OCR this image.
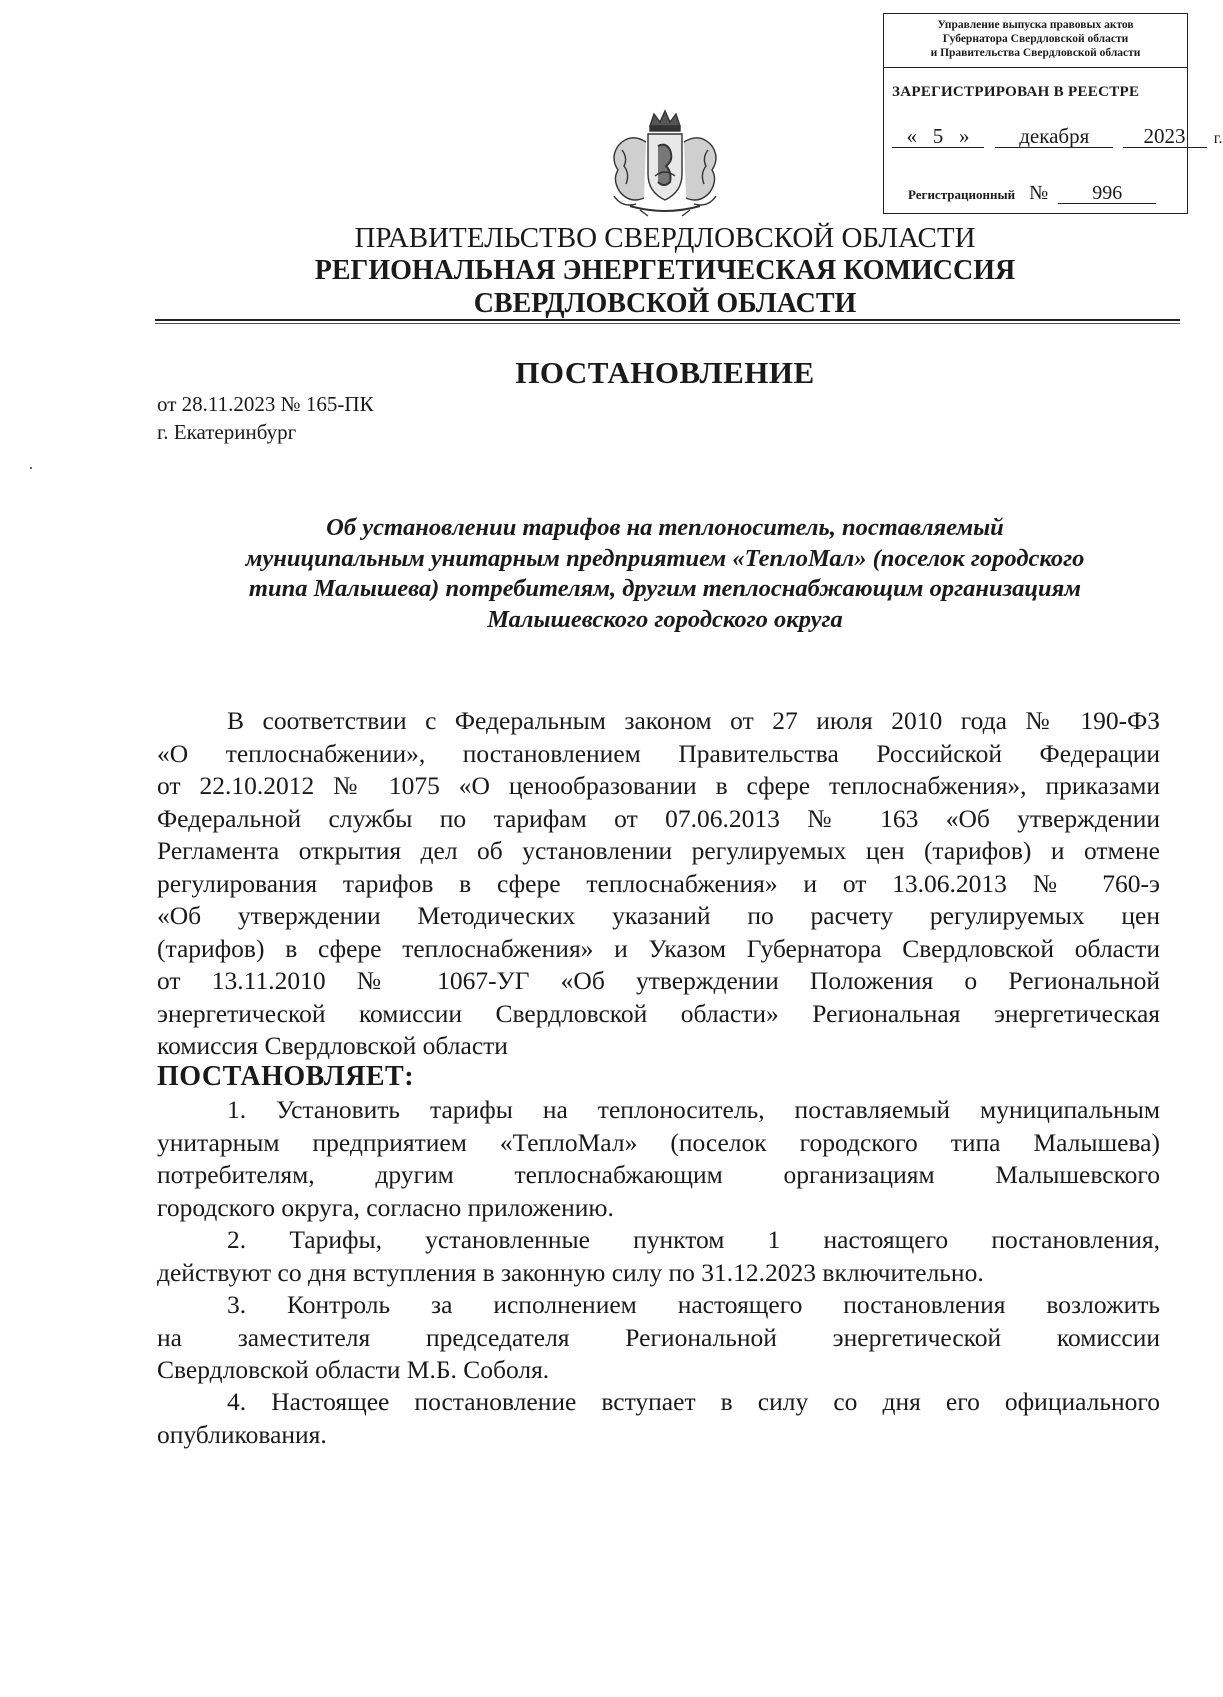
Управление выпуска правовых актов
Губернатора Свердловской области
и Правительства Свердловской области
ЗАРЕГИСТРИРОВАН В РЕЕСТРЕ
« 5 » декабря	2023 г.
Регистрационный № 996
ПРАВИТЕЛЬСТВО СВЕРДЛОВСКОЙ ОБЛАСТИ
РЕГИОНАЛЬНАЯ ЭНЕРГЕТИЧЕСКАЯ КОМИССИЯ
СВЕРДЛОВСКОЙ ОБЛАСТИ
ПОСТАНОВЛЕНИЕ
от 28.11.2023 № 165-ПК
г. Екатеринбург
Об установлении тарифов на теплоноситель, поставляемый
муниципальным унитарным предприятием «ТеплоМал» (поселок городского
типа Малышева) потребителям, другим теплоснабжающим организациям
Малышевского городского округа
В соответствии с Федеральным законом от 27 июля 2010 года № 190-ФЗ
«О теплоснабжении», постановлением Правительства Российской Федерации
от 22.10.2012 № 1075 «О ценообразовании в сфере теплоснабжения», приказами
Федеральной службы по тарифам от 07.06.2013 № 163 «Об утверждении
Регламента открытия дел об установлении регулируемых цен (тарифов) и отмене
регулирования тарифов в сфере теплоснабжения» и от 13.06.2013 № 760-э
«Об утверждении Методических указаний по расчету регулируемых цен
(тарифов) в сфере теплоснабжения» и Указом Губернатора Свердловской области
от 13.11.2010 № 1067-УГ «Об утверждении Положения о Региональной
энергетической комиссии Свердловской области» Региональная энергетическая
комиссия Свердловской области
ПОСТАНОВЛЯЕТ:
1. Установить тарифы на теплоноситель, поставляемый муниципальным
унитарным предприятием «ТеплоМал» (поселок городского типа Малышева)
потребителям, другим теплоснабжающим организациям Малышевского
городского округа, согласно приложению.
2. Тарифы, установленные пунктом 1 настоящего постановления,
действуют со дня вступления в законную силу по 31.12.2023 включительно.
3. Контроль за исполнением настоящего постановления возложить
на заместителя председателя Региональной энергетической комиссии
Свердловской области М.Б. Соболя.
4. Настоящее постановление вступает в силу со дня его официального
опубликования.
